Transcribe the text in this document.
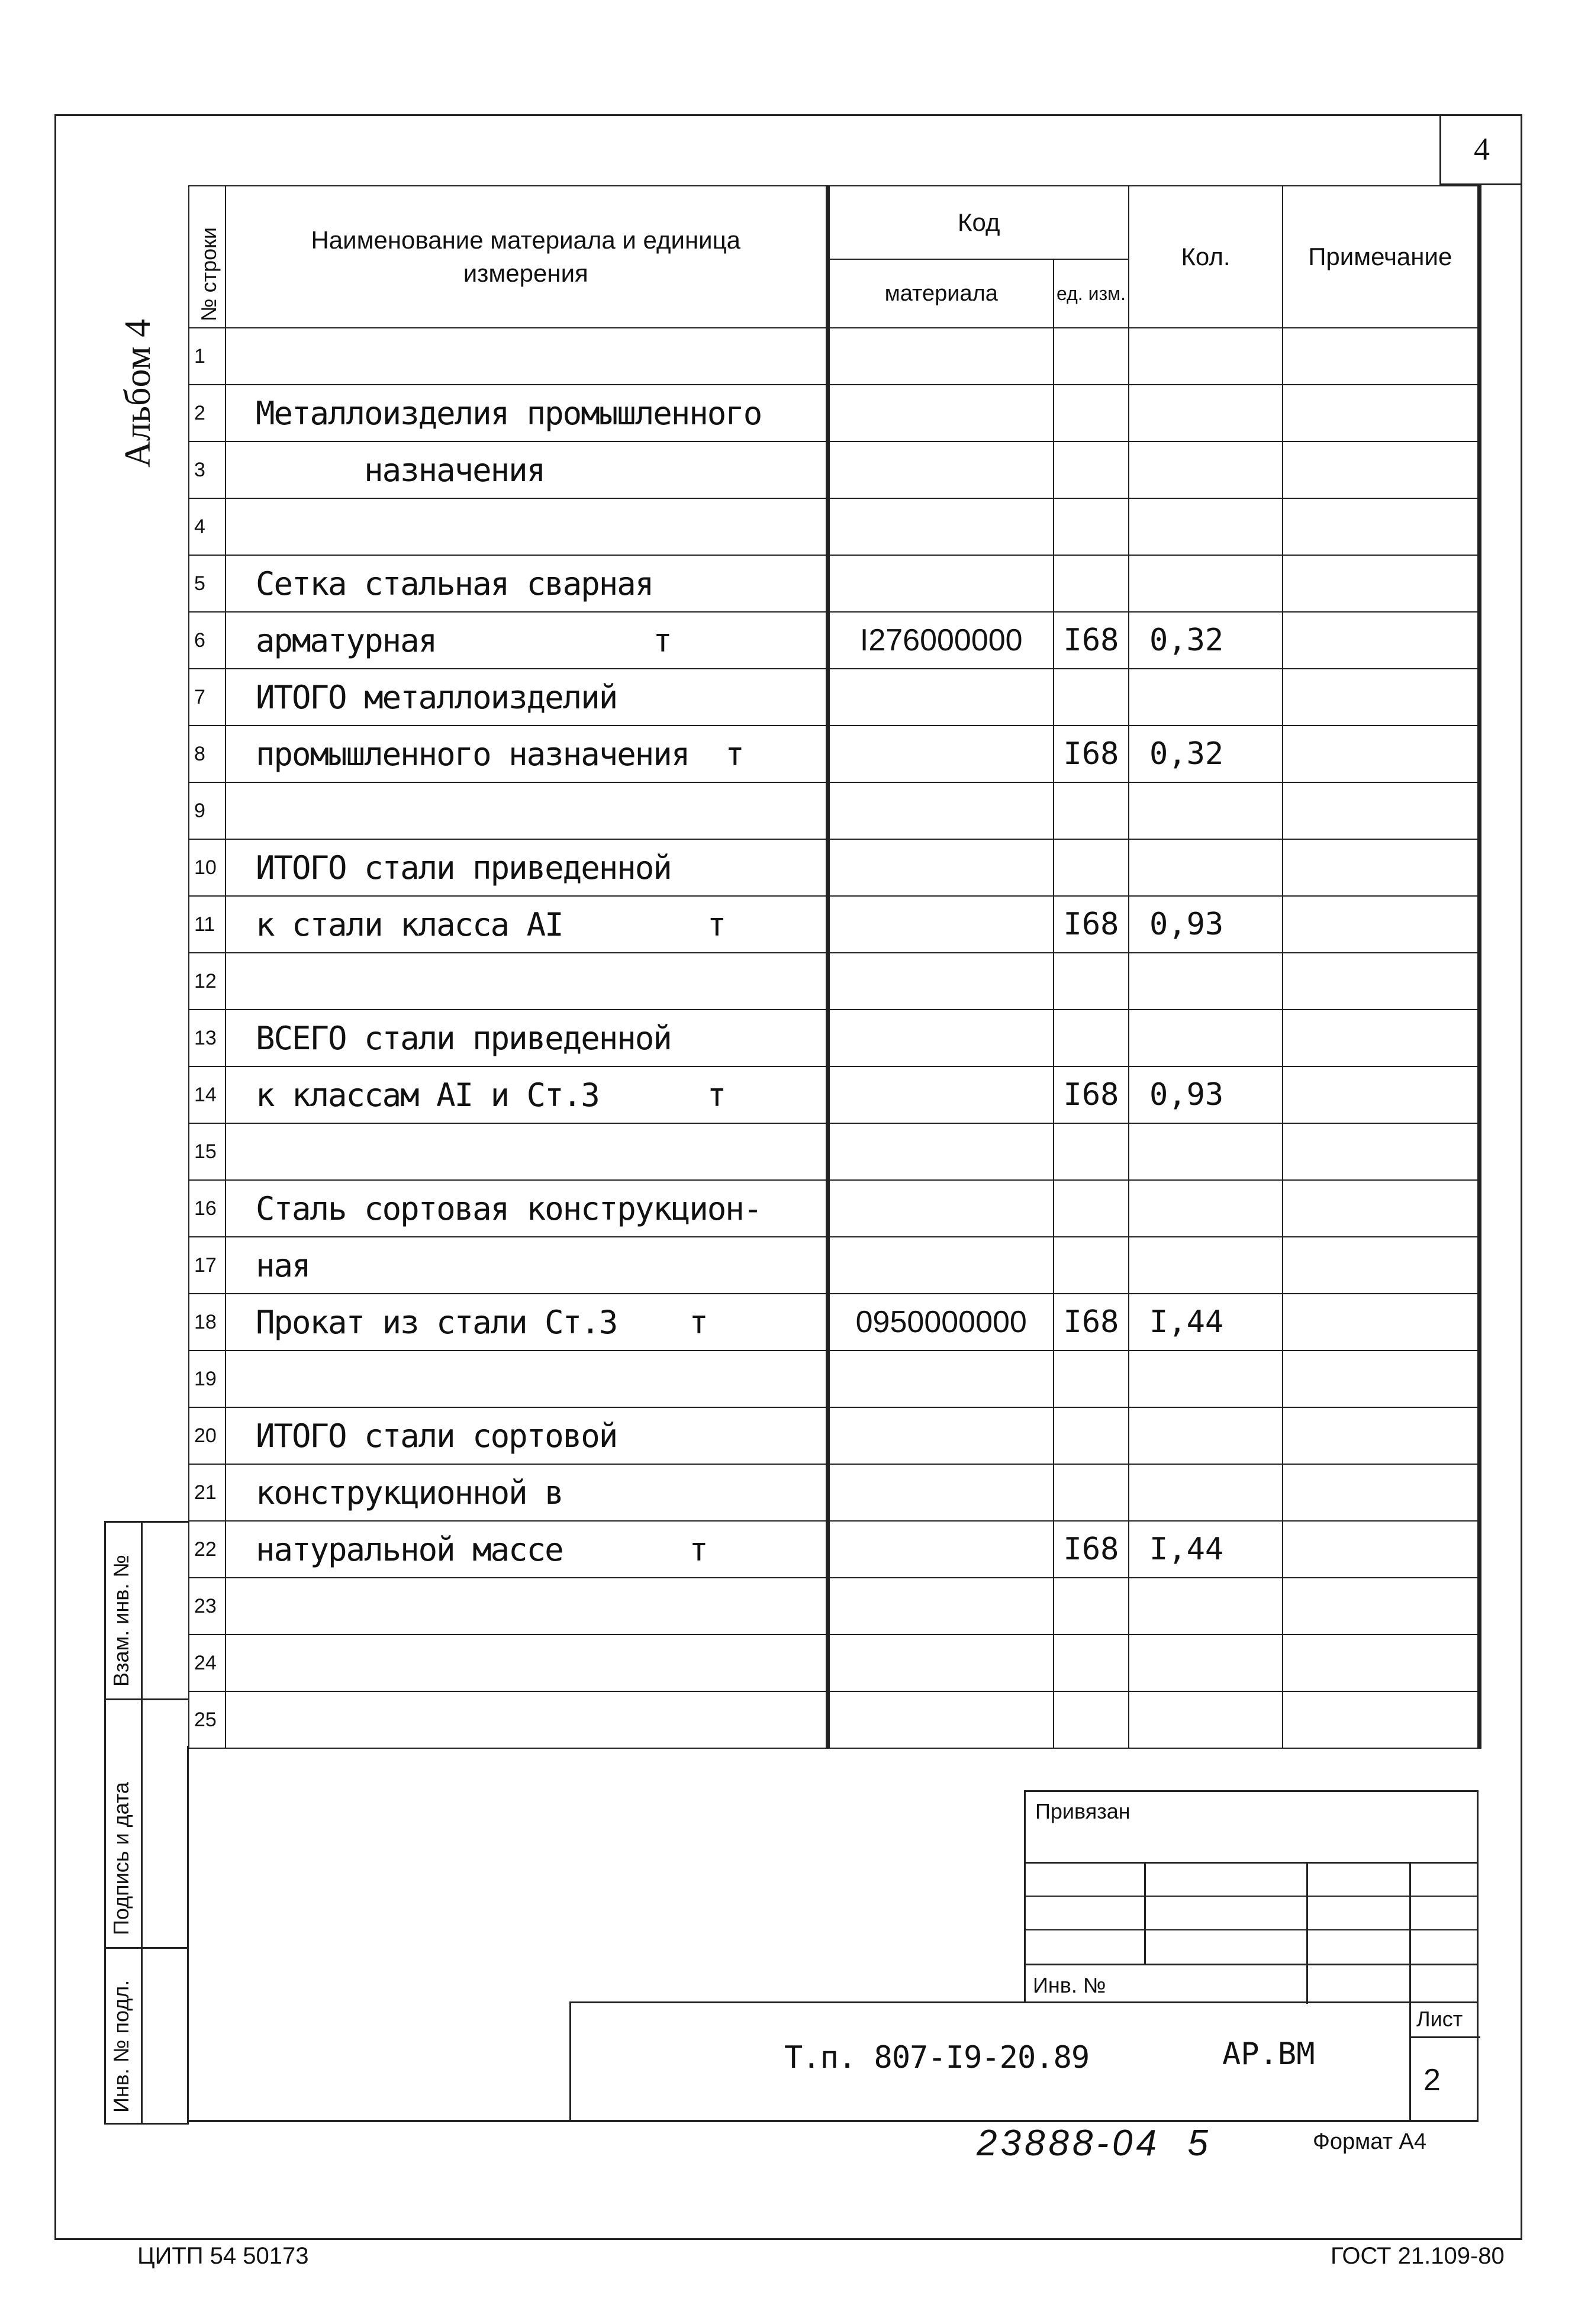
4
Альбом 4
№ строки	Наименование материала и единица измерения	Код		Кол.	Примечание
		материала	ед. изм.		
1					
2	Металлоизделия промышленного				
3	назначения				
4					
5	Сетка стальная сварная				
6	арматурная            т	I276000000	I68	0,32	
7	ИТОГО металлоизделий				
8	промышленного назначения  т		I68	0,32	
9					
10	ИТОГО стали приведенной				
11	к стали класса АI        т		I68	0,93	
12					
13	ВСЕГО стали приведенной				
14	к классам АI и Ст.3      т		I68	0,93	
15					
16	Сталь сортовая конструкцион-				
17	ная				
18	Прокат из стали Ст.3    т	0950000000	I68	I,44	
19					
20	ИТОГО стали сортовой				
21	конструкционной в				
22	натуральной массе       т		I68	I,44	
23					
24					
25					
Взам. инв. №
Подпись и дата
Инв. № подл.
Привязан
Инв. №
Т.п. 807-I9-20.89	АР.ВМ
Лист
2
23888-04  5	Формат А4
ЦИТП 54 50173	ГОСТ 21.109-80
